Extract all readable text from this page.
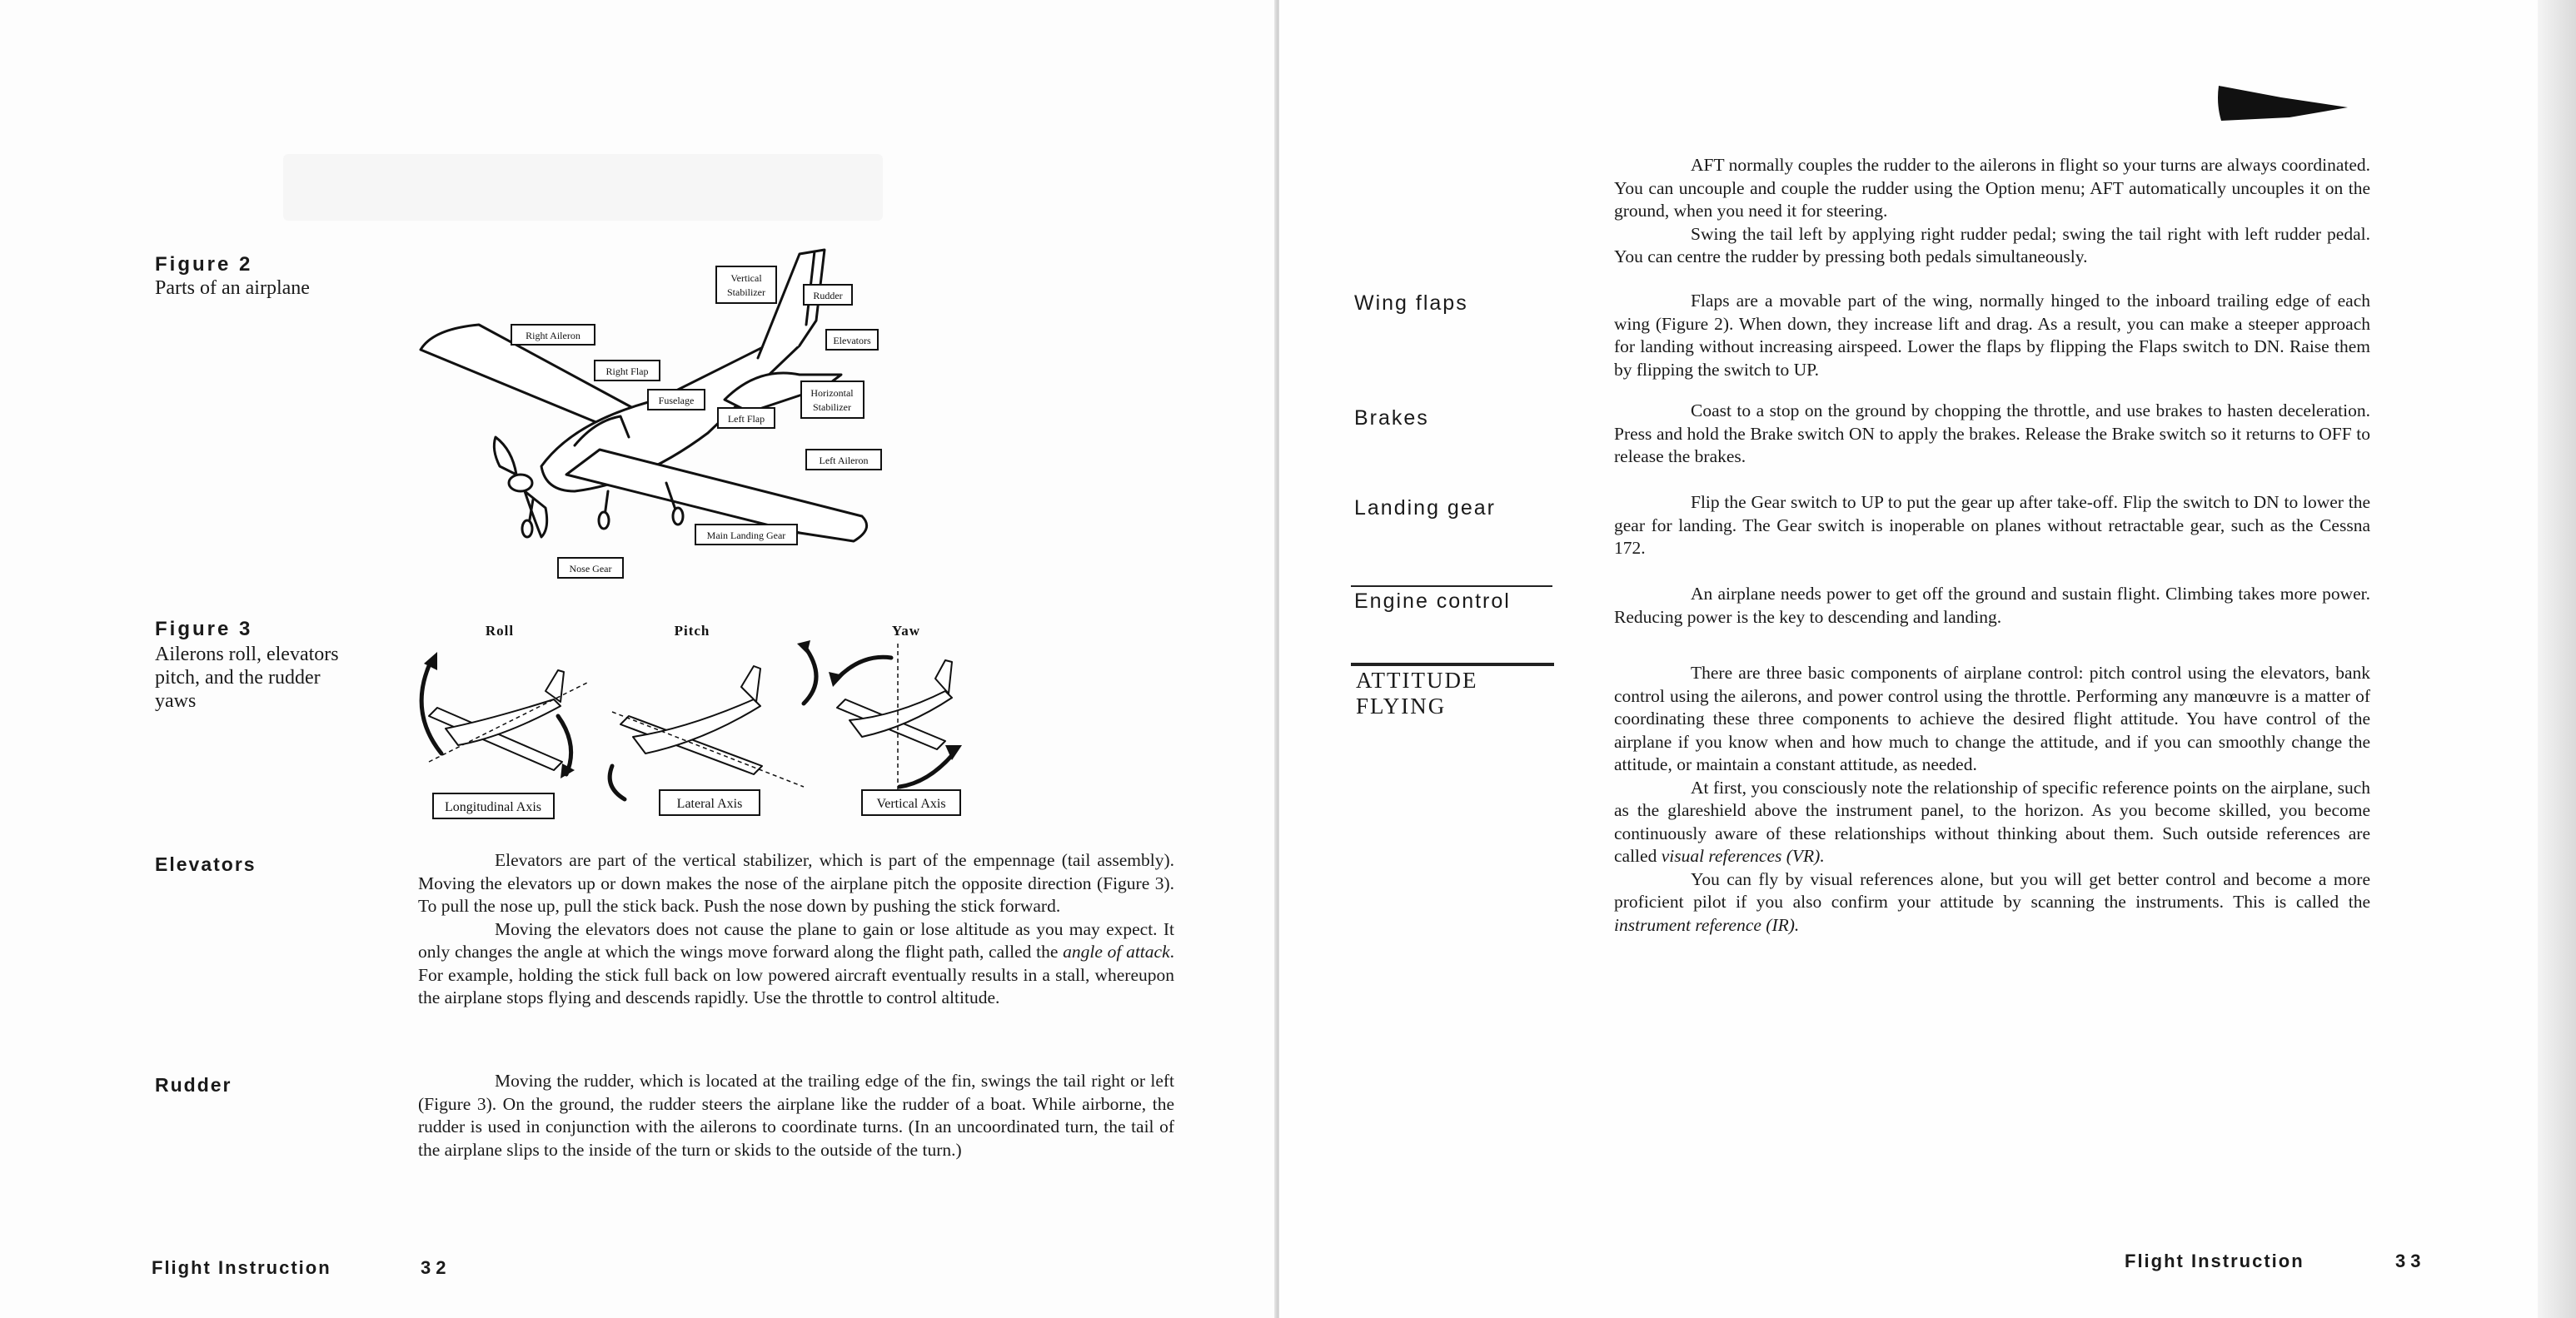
Figure 2
Parts of an airplane
Right Aileron
Right Flap
Fuselage
Vertical
Stabilizer	Rudder
Elevators
Horizontal
Stabilizer
Left Flap
Left Aileron
Main Landing Gear
Nose Gear
Figure 3
Ailerons roll, elevators
pitch, and the rudder
yaws
Roll	Pitch	Yaw
Longitudinal Axis	Lateral Axis	Vertical Axis
Elevators	Elevators are part of the vertical stabilizer, which is part of the empennage (tail assembly). Moving the elevators up or down makes the nose of the airplane pitch the opposite direction (Figure 3). To pull the nose up, pull the stick back. Push the nose down by pushing the stick forward.

Moving the elevators does not cause the plane to gain or lose altitude as you may expect. It only changes the angle at which the wings move forward along the flight path, called the angle of attack. For example, holding the stick full back on low powered aircraft eventually results in a stall, whereupon the airplane stops flying and descends rapidly. Use the throttle to control altitude.

Rudder	Moving the rudder, which is located at the trailing edge of the fin, swings the tail right or left (Figure 3). On the ground, the rudder steers the airplane like the rudder of a boat. While airborne, the rudder is used in conjunction with the ailerons to coordinate turns. (In an uncoordinated turn, the tail of the airplane slips to the inside of the turn or skids to the outside of the turn.)

Flight Instruction	32

AFT normally couples the rudder to the ailerons in flight so your turns are always coordinated. You can uncouple and couple the rudder using the Option menu; AFT automatically uncouples it on the ground, when you need it for steering.

Swing the tail left by applying right rudder pedal; swing the tail right with left rudder pedal. You can centre the rudder by pressing both pedals simultaneously.

Wing flaps	Flaps are a movable part of the wing, normally hinged to the inboard trailing edge of each wing (Figure 2). When down, they increase lift and drag. As a result, you can make a steeper approach for landing without increasing airspeed. Lower the flaps by flipping the Flaps switch to DN. Raise them by flipping the switch to UP.

Brakes	Coast to a stop on the ground by chopping the throttle, and use brakes to hasten deceleration. Press and hold the Brake switch ON to apply the brakes. Release the Brake switch so it returns to OFF to release the brakes.

Landing gear	Flip the Gear switch to UP to put the gear up after take-off. Flip the switch to DN to lower the gear for landing. The Gear switch is inoperable on planes without retractable gear, such as the Cessna 172.

Engine control	An airplane needs power to get off the ground and sustain flight. Climbing takes more power. Reducing power is the key to descending and landing.

ATTITUDE
FLYING

There are three basic components of airplane control: pitch control using the elevators, bank control using the ailerons, and power control using the throttle. Performing any manœuvre is a matter of coordinating these three components to achieve the desired flight attitude. You have control of the airplane if you know when and how much to change the attitude, and if you can smoothly change the attitude, or maintain a constant attitude, as needed.

At first, you consciously note the relationship of specific reference points on the airplane, such as the glareshield above the instrument panel, to the horizon. As you become skilled, you become continuously aware of these relationships without thinking about them. Such outside references are called visual references (VR).

You can fly by visual references alone, but you will get better control and become a more proficient pilot if you also confirm your attitude by scanning the instruments. This is called the instrument reference (IR).

Flight Instruction	33
